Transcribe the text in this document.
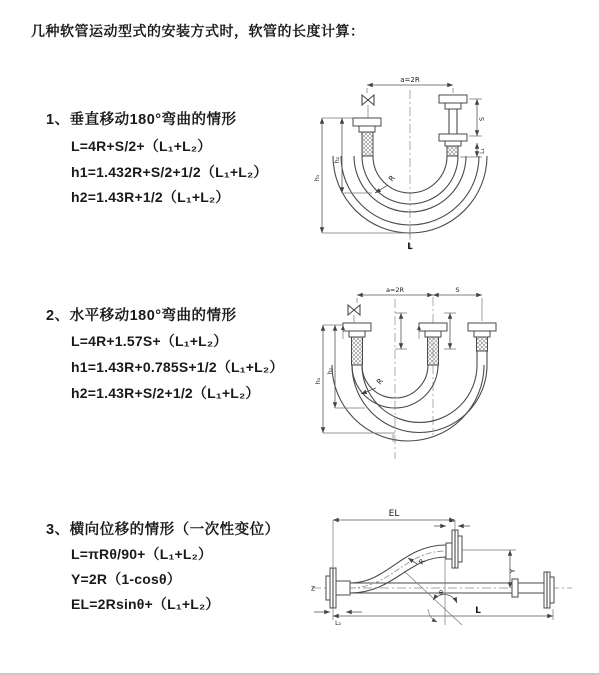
几种软管运动型式的安装方式时，软管的长度计算：
1、垂直移动180°弯曲的情形
L=4R+S/2+（L₁+L₂）
h1=1.432R+S/2+1/2（L₁+L₂）
h2=1.43R+1/2（L₁+L₂）
2、水平移动180°弯曲的情形
L=4R+1.57S+（L₁+L₂）
h1=1.43R+0.785S+1/2（L₁+L₂）
h2=1.43R+S/2+1/2（L₁+L₂）
3、横向位移的情形（一次性变位）
L=πRθ/90+（L₁+L₂）
Y=2R（1-cosθ）
EL=2Rsinθ+（L₁+L₂）
a=2R
S
L₁
h₁
h₂
R
L
a=2R	S
h₁
h₂
R
Z
EL
L₁
Y
L
L₂
θ
R
